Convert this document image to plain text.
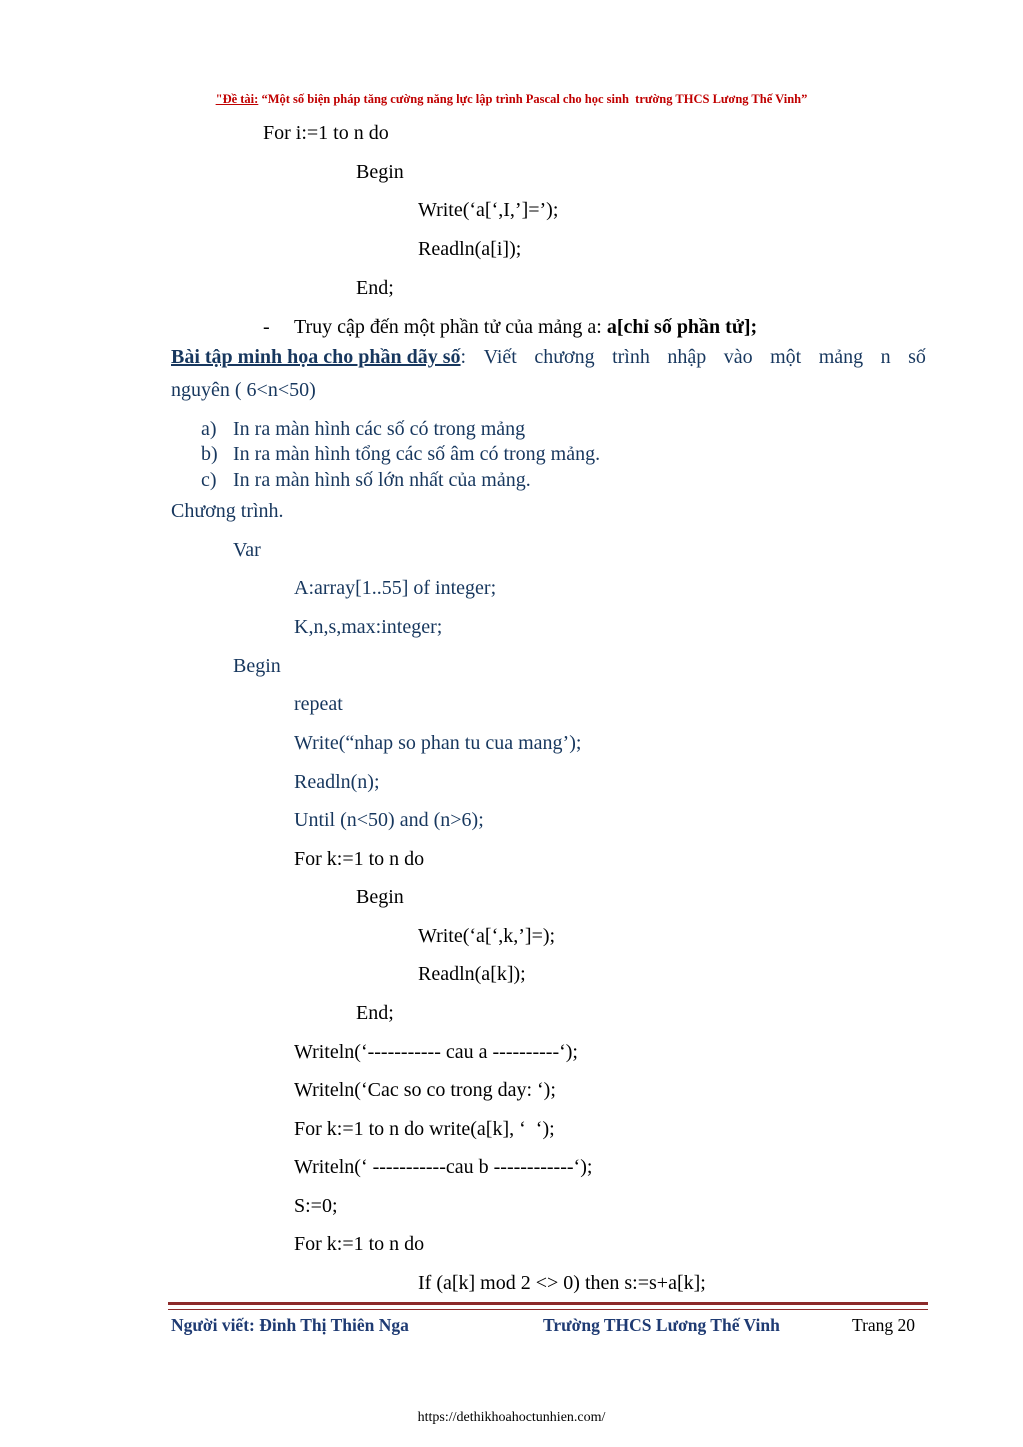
"Đề tài: “Một số biện pháp tăng cường năng lực lập trình Pascal cho học sinh  trường THCS Lương Thế Vinh”
For i:=1 to n do
Begin
Write(‘a[‘,I,’]=’);
Readln(a[i]);
End;
- Truy cập đến một phần tử của mảng a: a[chỉ số phần tử];
Bài tập minh họa cho phần dãy số: Viết chương trình nhập vào một mảng n số
nguyên ( 6<n<50)
a) In ra màn hình các số có trong mảng
b) In ra màn hình tổng các số âm có trong mảng.
c) In ra màn hình số lớn nhất của mảng.
Chương trình.
Var
A:array[1..55] of integer;
K,n,s,max:integer;
Begin
repeat
Write(“nhap so phan tu cua mang’);
Readln(n);
Until (n<50) and (n>6);
For k:=1 to n do
Begin
Write(‘a[‘,k,’]=);
Readln(a[k]);
End;
Writeln(‘----------- cau a ----------‘);
Writeln(‘Cac so co trong day: ‘);
For k:=1 to n do write(a[k], ‘  ‘);
Writeln(‘ -----------cau b ------------‘);
S:=0;
For k:=1 to n do
If (a[k] mod 2 <> 0) then s:=s+a[k];
Người viết: Đinh Thị Thiên Nga	Trường THCS Lương Thế Vinh	Trang 20
https://dethikhoahoctunhien.com/
